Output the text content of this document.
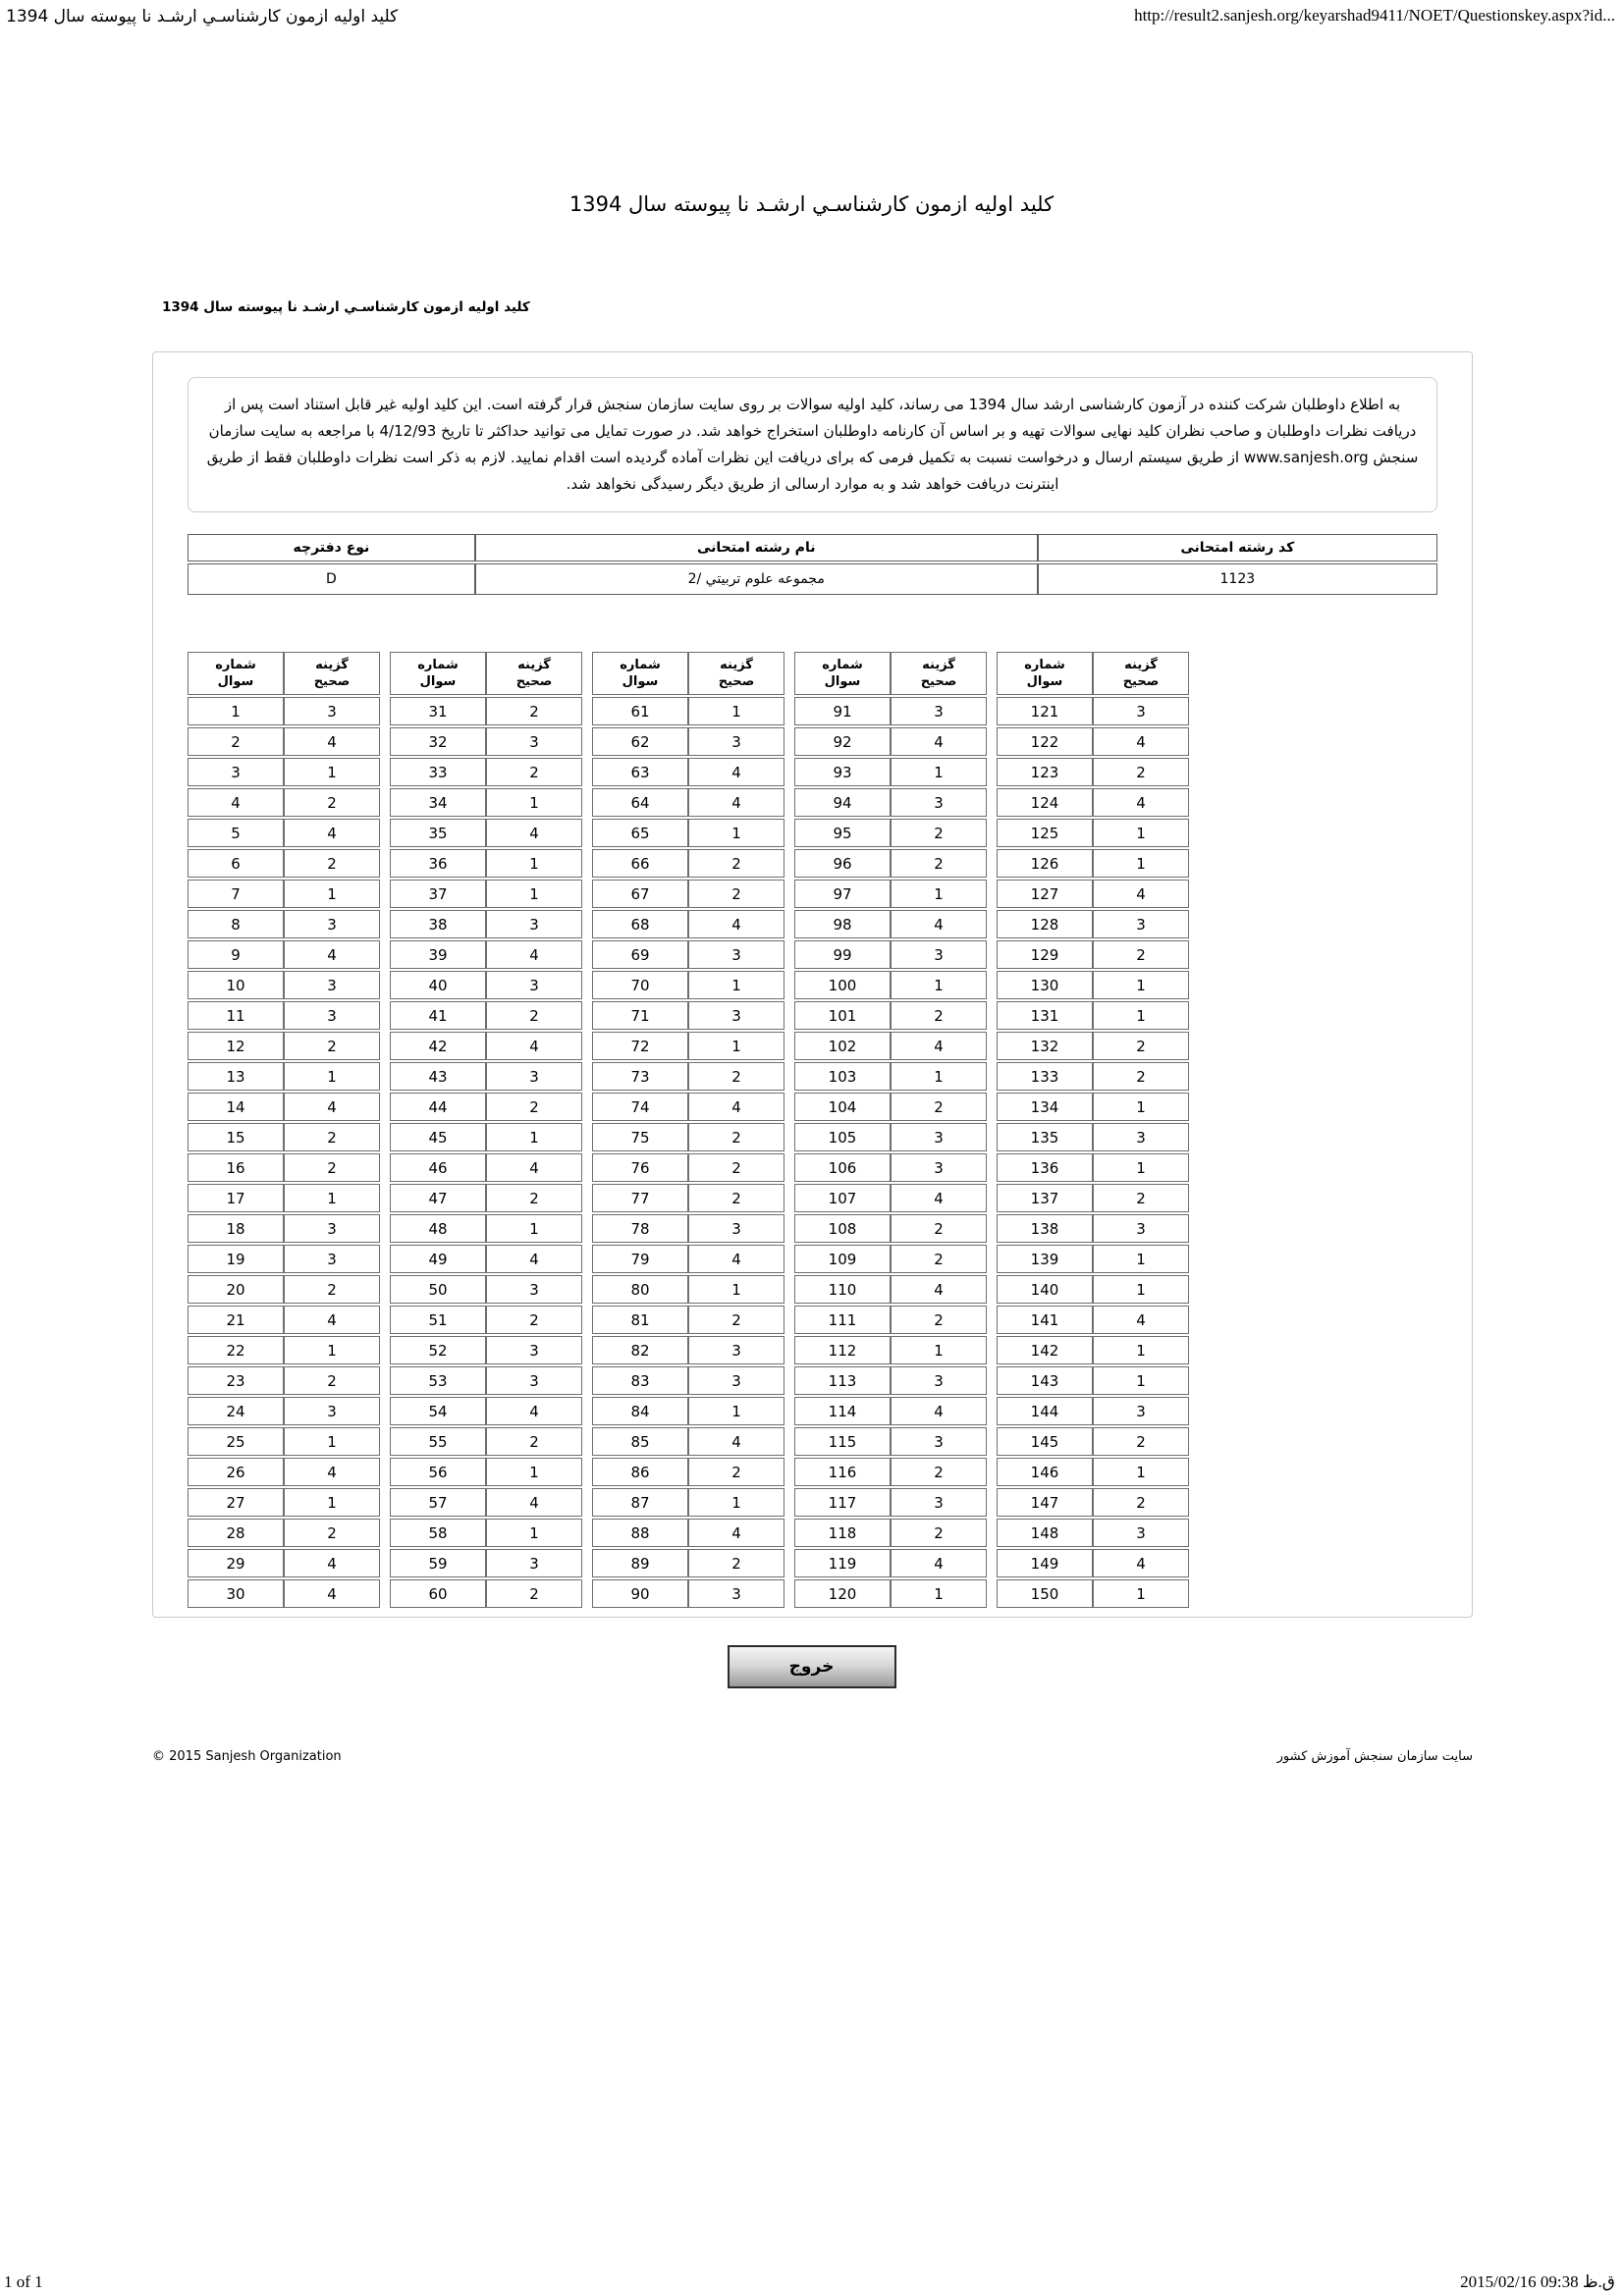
كليد اوليه ازمون كارشناسـي ارشـد نا پيوسته سال 1394	http://result2.sanjesh.org/keyarshad9411/NOET/Questionskey.aspx?id...
كليد اوليه ازمون كارشناسـي ارشـد نا پيوسته سال 1394
كليد اوليه ازمون كارشناسـي ارشـد نا پيوسته سال 1394
به اطلاع داوطلبان شرکت کننده در آزمون کارشناسی ارشد سال 1394 می رساند، کلید اولیه سوالات بر روی سایت سازمان سنجش قرار گرفته است. این کلید اولیه غیر قابل استناد است پس از دریافت نظرات داوطلبان و صاحب نظران کلید نهایی سوالات تهیه و بر اساس آن کارنامه داوطلبان استخراج خواهد شد. در صورت تمایل می توانید حداکثر تا تاریخ 4/12/93 با مراجعه به سایت سازمان سنجش www.sanjesh.org از طریق سیستم ارسال و درخواست نسبت به تکمیل فرمی که برای دریافت این نظرات آماده گردیده است اقدام نمایید. لازم به ذکر است نظرات داوطلبان فقط از طریق اینترنت دریافت خواهد شد و به موارد ارسالی از طریق دیگر رسیدگی نخواهد شد.
کد رشته امتحانی	نام رشته امتحانی	نوع دفترچه
1123	مجموعه علوم تربيتي /2	D
شماره
سوال	گزينه
صحيح
1	3
2	4
3	1
4	2
5	4
6	2
7	1
8	3
9	4
10	3
11	3
12	2
13	1
14	4
15	2
16	2
17	1
18	3
19	3
20	2
21	4
22	1
23	2
24	3
25	1
26	4
27	1
28	2
29	4
30	4
شماره
سوال	گزينه
صحيح
31	2
32	3
33	2
34	1
35	4
36	1
37	1
38	3
39	4
40	3
41	2
42	4
43	3
44	2
45	1
46	4
47	2
48	1
49	4
50	3
51	2
52	3
53	3
54	4
55	2
56	1
57	4
58	1
59	3
60	2
شماره
سوال	گزينه
صحيح
61	1
62	3
63	4
64	4
65	1
66	2
67	2
68	4
69	3
70	1
71	3
72	1
73	2
74	4
75	2
76	2
77	2
78	3
79	4
80	1
81	2
82	3
83	3
84	1
85	4
86	2
87	1
88	4
89	2
90	3
شماره
سوال	گزينه
صحيح
91	3
92	4
93	1
94	3
95	2
96	2
97	1
98	4
99	3
100	1
101	2
102	4
103	1
104	2
105	3
106	3
107	4
108	2
109	2
110	4
111	2
112	1
113	3
114	4
115	3
116	2
117	3
118	2
119	4
120	1
شماره
سوال	گزينه
صحيح
121	3
122	4
123	2
124	4
125	1
126	1
127	4
128	3
129	2
130	1
131	1
132	2
133	2
134	1
135	3
136	1
137	2
138	3
139	1
140	1
141	4
142	1
143	1
144	3
145	2
146	1
147	2
148	3
149	4
150	1
خروج
© 2015 Sanjesh Organization	سایت سازمان سنجش آموزش کشور
1 of 1	2015/02/16 09:38 ق.ظ
